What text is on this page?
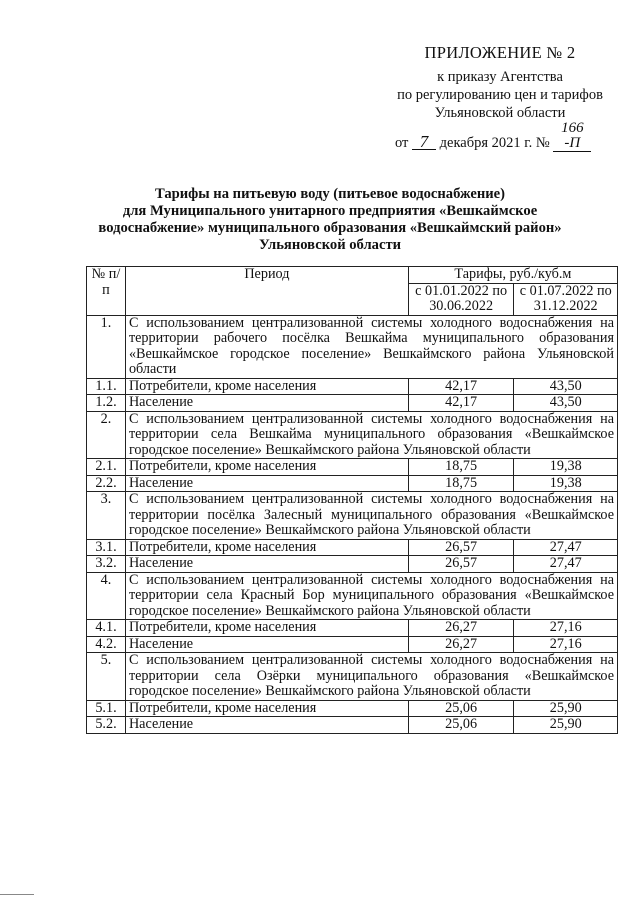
ПРИЛОЖЕНИЕ № 2
к приказу Агентства
по регулированию цен и тарифов
Ульяновской области
от 7 декабря 2021 г. № 166 -П
Тарифы на питьевую воду (питьевое водоснабжение)
для Муниципального унитарного предприятия «Вешкаймское
водоснабжение» муниципального образования «Вешкаймский район»
Ульяновской области
№ п/п	Период	Тарифы, руб./куб.м	
		с 01.01.2022 по 30.06.2022	с 01.07.2022 по 31.12.2022
1.	С использованием централизованной системы холодного водоснабжения на территории рабочего посёлка Вешкайма муниципального образования «Вешкаймское городское поселение» Вешкаймского района Ульяновской области		
1.1.	Потребители, кроме населения	42,17	43,50
1.2.	Население	42,17	43,50
2.	С использованием централизованной системы холодного водоснабжения на территории села Вешкайма муниципального образования «Вешкаймское городское поселение» Вешкаймского района Ульяновской области		
2.1.	Потребители, кроме населения	18,75	19,38
2.2.	Население	18,75	19,38
3.	С использованием централизованной системы холодного водоснабжения на территории посёлка Залесный муниципального образования «Вешкаймское городское поселение» Вешкаймского района Ульяновской области		
3.1.	Потребители, кроме населения	26,57	27,47
3.2.	Население	26,57	27,47
4.	С использованием централизованной системы холодного водоснабжения на территории села Красный Бор муниципального образования «Вешкаймское городское поселение» Вешкаймского района Ульяновской области		
4.1.	Потребители, кроме населения	26,27	27,16
4.2.	Население	26,27	27,16
5.	С использованием централизованной системы холодного водоснабжения на территории села Озёрки муниципального образования «Вешкаймское городское поселение» Вешкаймского района Ульяновской области		
5.1.	Потребители, кроме населения	25,06	25,90
5.2.	Население	25,06	25,90
